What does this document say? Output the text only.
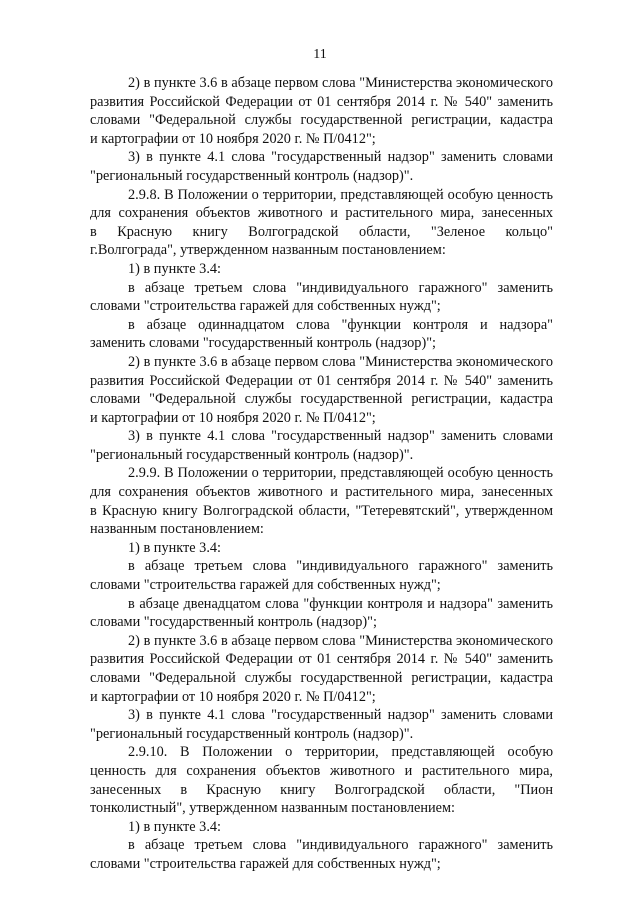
11
2) в пункте 3.6 в абзаце первом слова "Министерства экономического
развития Российской Федерации от 01 сентября 2014 г. № 540" заменить
словами "Федеральной службы государственной регистрации, кадастра
и картографии от 10 ноября 2020 г. № П/0412";
3) в пункте 4.1 слова "государственный надзор" заменить словами
"региональный государственный контроль (надзор)".
2.9.8. В Положении о территории, представляющей особую ценность
для сохранения объектов животного и растительного мира, занесенных
в Красную книгу Волгоградской области, "Зеленое кольцо"
г.Волгограда", утвержденном названным постановлением:
1) в пункте 3.4:
в абзаце третьем слова "индивидуального гаражного" заменить
словами "строительства гаражей для собственных нужд";
в абзаце одиннадцатом слова "функции контроля и надзора"
заменить словами "государственный контроль (надзор)";
2) в пункте 3.6 в абзаце первом слова "Министерства экономического
развития Российской Федерации от 01 сентября 2014 г. № 540" заменить
словами "Федеральной службы государственной регистрации, кадастра
и картографии от 10 ноября 2020 г. № П/0412";
3) в пункте 4.1 слова "государственный надзор" заменить словами
"региональный государственный контроль (надзор)".
2.9.9. В Положении о территории, представляющей особую ценность
для сохранения объектов животного и растительного мира, занесенных
в Красную книгу Волгоградской области, "Тетеревятский", утвержденном
названным постановлением:
1) в пункте 3.4:
в абзаце третьем слова "индивидуального гаражного" заменить
словами "строительства гаражей для собственных нужд";
в абзаце двенадцатом слова "функции контроля и надзора" заменить
словами "государственный контроль (надзор)";
2) в пункте 3.6 в абзаце первом слова "Министерства экономического
развития Российской Федерации от 01 сентября 2014 г. № 540" заменить
словами "Федеральной службы государственной регистрации, кадастра
и картографии от 10 ноября 2020 г. № П/0412";
3) в пункте 4.1 слова "государственный надзор" заменить словами
"региональный государственный контроль (надзор)".
2.9.10. В Положении о территории, представляющей особую
ценность для сохранения объектов животного и растительного мира,
занесенных в Красную книгу Волгоградской области, "Пион
тонколистный", утвержденном названным постановлением:
1) в пункте 3.4:
в абзаце третьем слова "индивидуального гаражного" заменить
словами "строительства гаражей для собственных нужд";
